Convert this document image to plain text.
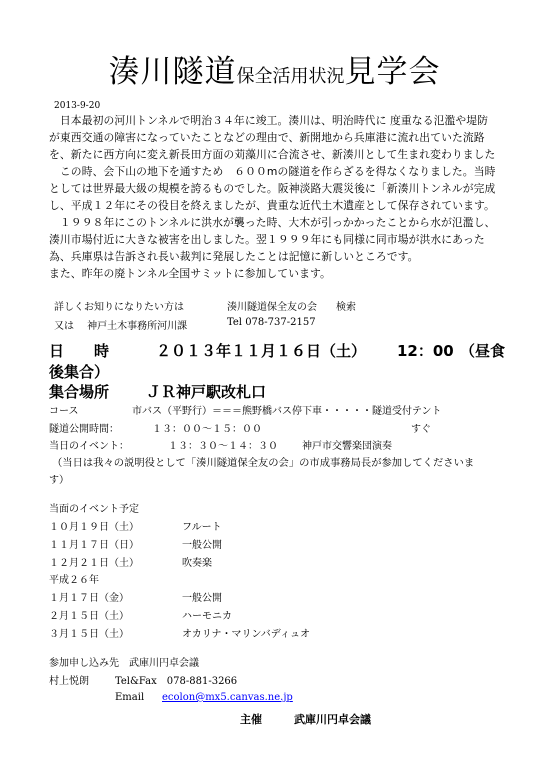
湊川隧道保全活用状況見学会
2013-9-20
　日本最初の河川トンネルで明治３４年に竣工。湊川は、明治時代に 度重なる氾濫や堤防
が東西交通の障害になっていたことなどの理由で、新開地から兵庫港に流れ出ていた流路
を、新たに西方向に変え新長田方面の苅藻川に合流させ、新湊川として生まれ変わりました
　この時、会下山の地下を通すため　６００mの隧道を作らざるを得なくなりました。当時
としては世界最大級の規模を誇るものでした。阪神淡路大震災後に「新湊川トンネルが完成
し、平成１２年にその役目を終えましたが、貴重な近代土木遺産として保存されています。
　１９９８年にこのトンネルに洪水が襲った時、大木が引っかかったことから水が氾濫し、
湊川市場付近に大きな被害を出しました。翌１９９９年にも同様に同市場が洪水にあった
為、兵庫県は告訴され長い裁判に発展したことは記憶に新しいところです。
また、昨年の廃トンネル全国サミットに参加しています。
詳しくお知りになりたい方は	湊川隧道保全友の会 検索
又は　 神戸土木事務所河川課	Tel 078-737-2157
日　　時	２０１３年１１月１６日（土） 12：00 （昼食
後集合）
集合場所 ＪＲ神戸駅改札口
コース	市バス（平野行）＝＝＝熊野橋バス停下車・・・・・隧道受付テント
隧道公開時間：	１３：００～１５：００	すぐ
当日のイベント：	１３：３０～１４：３０ 神戸市交響楽団演奏
（当日は我々の説明役として「湊川隧道保全友の会」の市成事務局長が参加してくださいま
す）
当面のイベント予定
１０月１９日（土）	フルート
１１月１７日（日）	一般公開
１２月２１日（土）	吹奏楽
平成２６年
１月１７日（金）	一般公開
２月１５日（土）	ハーモニカ
３月１５日（土）	オカリナ・マリンバディュオ
参加申し込み先　武庫川円卓会議
村上悦朗	Tel&Fax　078-881-3266
Email ecolon@mx5.canvas.ne.jp
主催	武庫川円卓会議
